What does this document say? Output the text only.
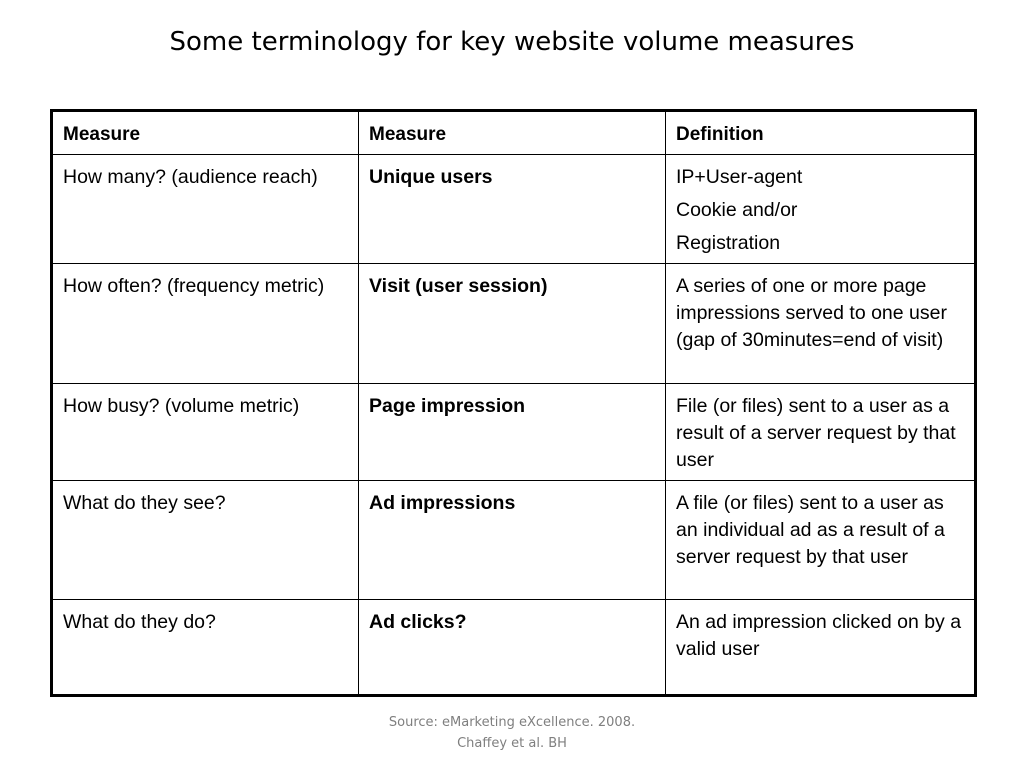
Some terminology for key website volume measures
Measure	Measure	Definition
How many? (audience reach)	Unique users	IP+User-agent
Cookie and/or
Registration

How often? (frequency metric)	Visit (user session)	A series of one or more page impressions served to one user (gap of 30minutes=end of visit)

How busy? (volume metric)	Page impression	File (or files) sent to a user as a result of a server request by that user

What do they see?	Ad impressions	A file (or files) sent to a user as an individual ad as a result of a server request by that user

What do they do?	Ad clicks?	An ad impression clicked on by a valid user
Source: eMarketing eXcellence. 2008.
Chaffey et al. BH
